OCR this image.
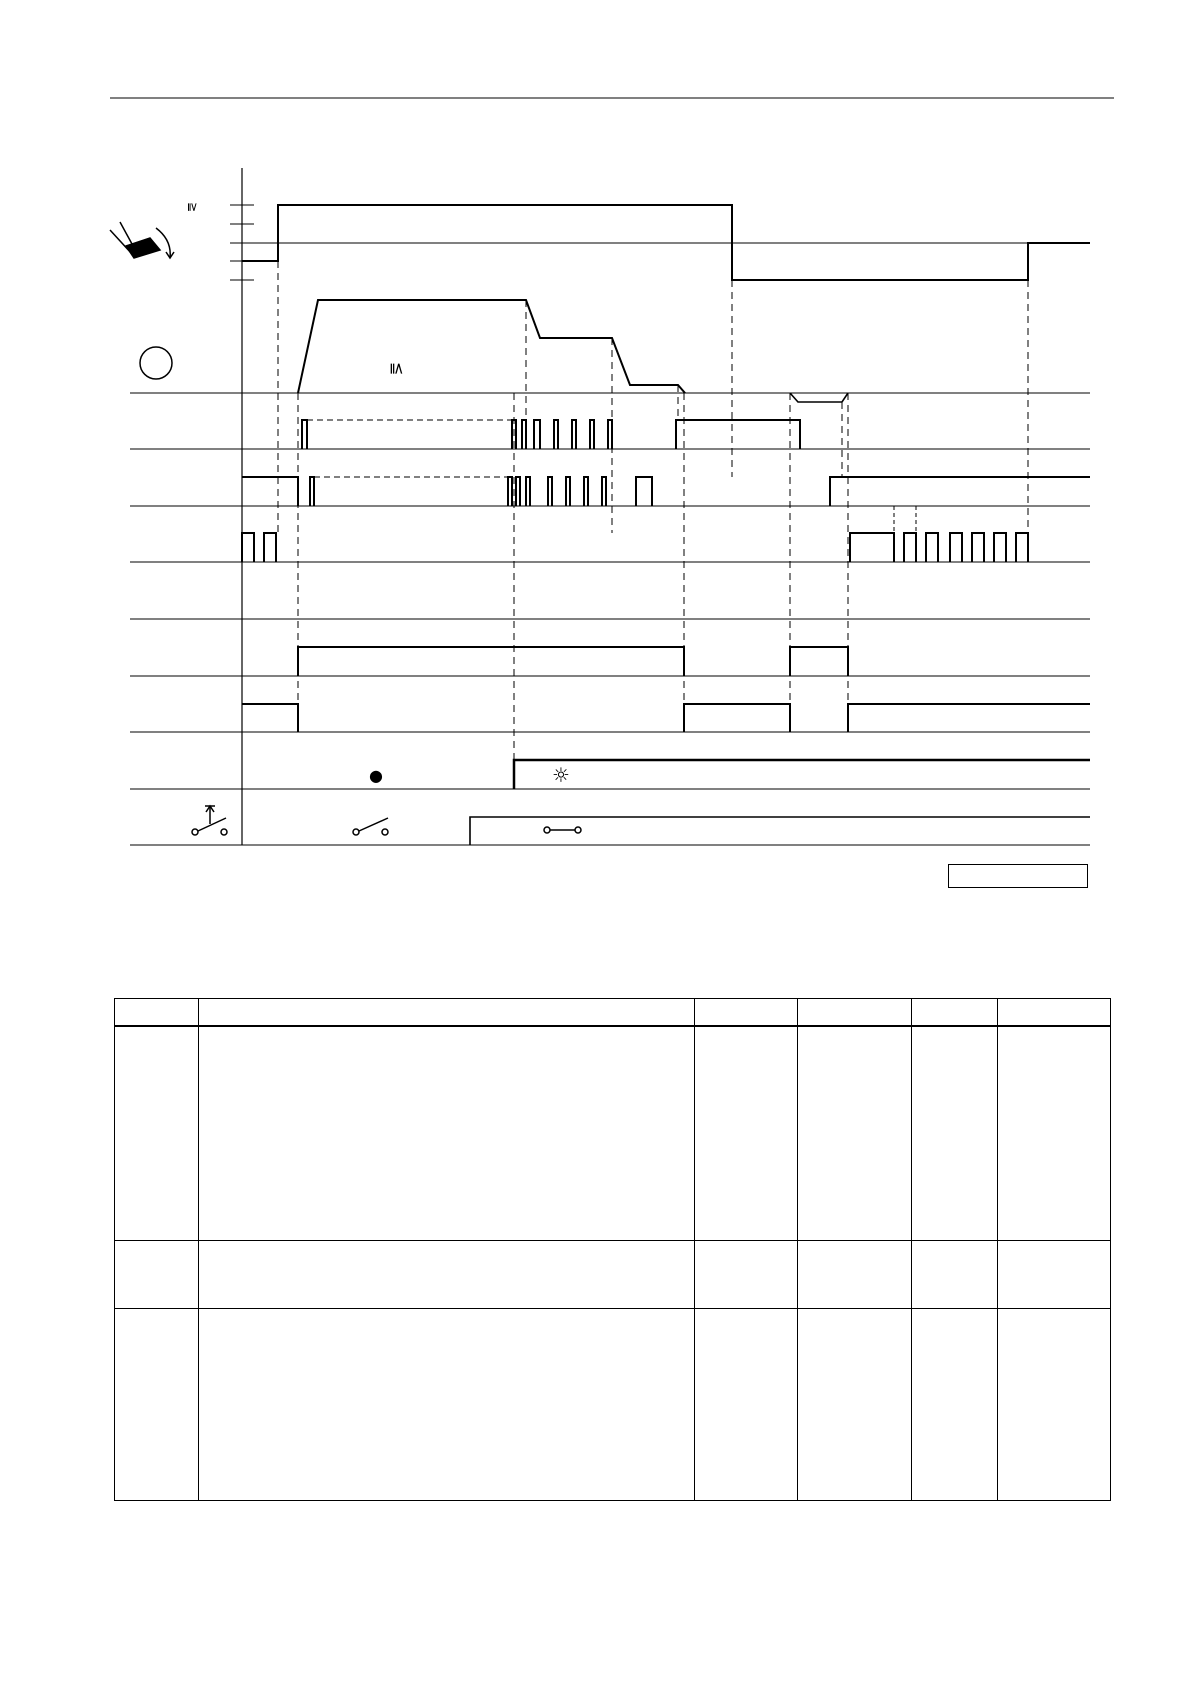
≧
≦
●	☼
